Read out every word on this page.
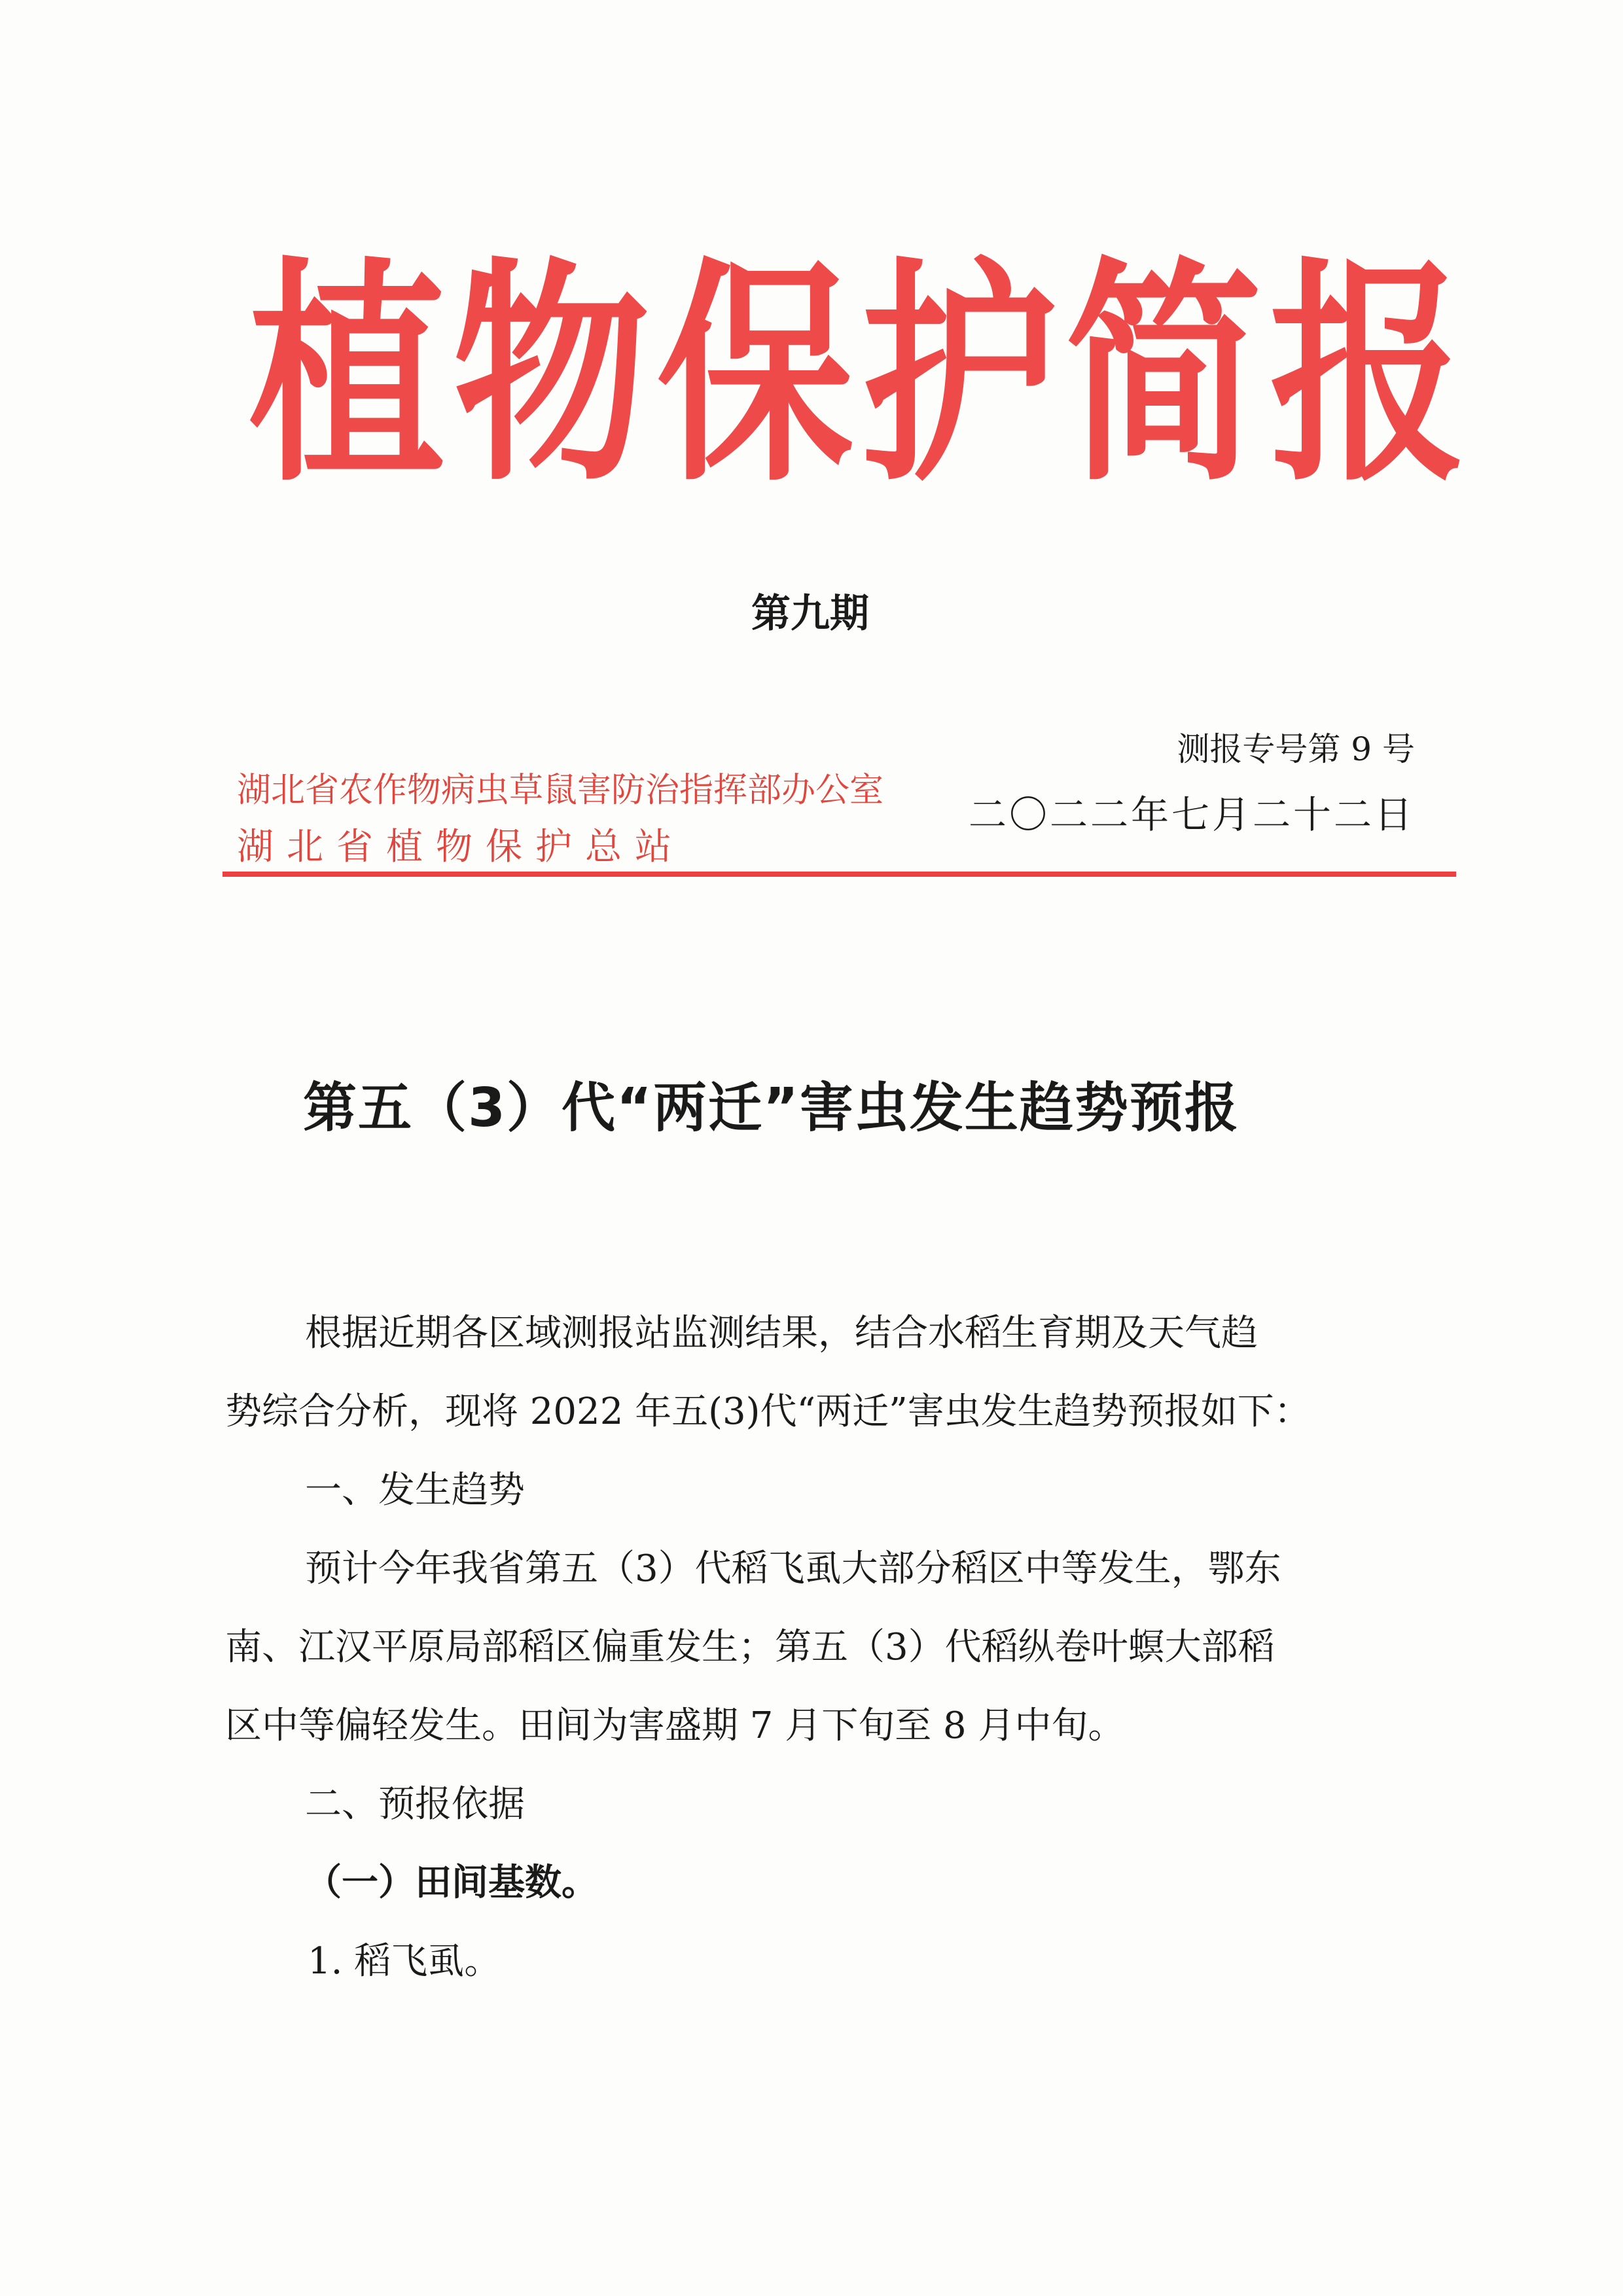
植物保护简报
第九期
测报专号第 9 号
二〇二二年七月二十二日
湖北省农作物病虫草鼠害防治指挥部办公室
湖北省植物保护总站
第五（3）代“两迁”害虫发生趋势预报
根据近期各区域测报站监测结果，结合水稻生育期及天气趋
势综合分析，现将 2022 年五(3)代“两迁”害虫发生趋势预报如下：
一、发生趋势
预计今年我省第五（3）代稻飞虱大部分稻区中等发生，鄂东
南、江汉平原局部稻区偏重发生；第五（3）代稻纵卷叶螟大部稻
区中等偏轻发生。田间为害盛期 7 月下旬至 8 月中旬。
二、预报依据
（一）田间基数。
1. 稻飞虱。
